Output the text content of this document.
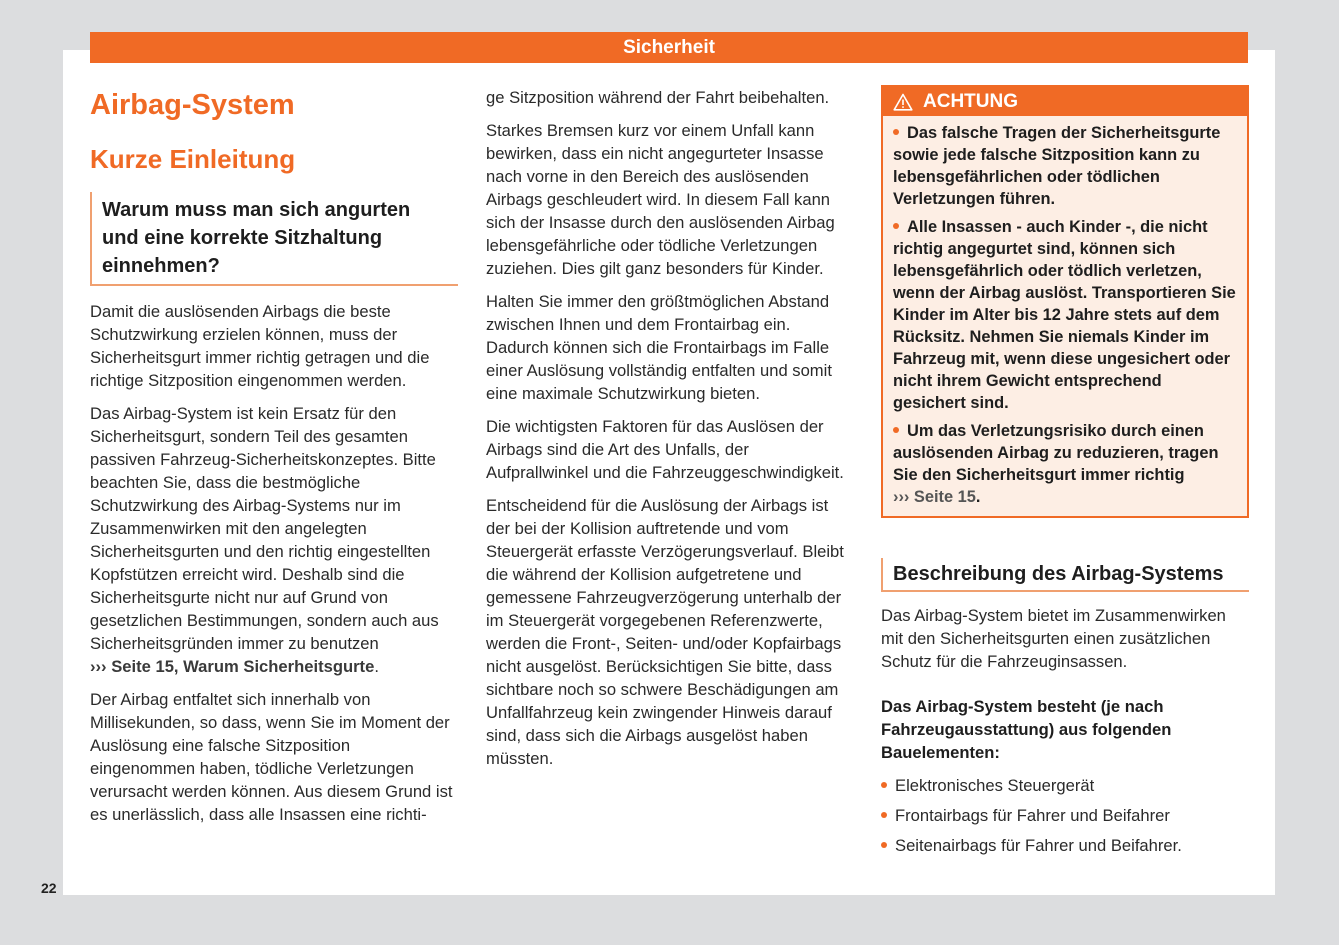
Sicherheit
Airbag-System
Kurze Einleitung
Warum muss man sich angurten und eine korrekte Sitzhaltung einnehmen?

Damit die auslösenden Airbags die beste Schutzwirkung erzielen können, muss der Sicherheitsgurt immer richtig getragen und die richtige Sitzposition eingenommen werden.

Das Airbag-System ist kein Ersatz für den Sicherheitsgurt, sondern Teil des gesamten passiven Fahrzeug-Sicherheitskonzeptes. Bitte beachten Sie, dass die bestmögliche Schutzwirkung des Airbag-Systems nur im Zusammenwirken mit den angelegten Sicherheitsgurten und den richtig eingestellten Kopfstützen erreicht wird. Deshalb sind die Sicherheitsgurte nicht nur auf Grund von gesetzlichen Bestimmungen, sondern auch aus Sicherheitsgründen immer zu benutzen
››› Seite 15, Warum Sicherheitsgurte.

Der Airbag entfaltet sich innerhalb von Millisekunden, so dass, wenn Sie im Moment der Auslösung eine falsche Sitzposition eingenommen haben, tödliche Verletzungen verursacht werden können. Aus diesem Grund ist es unerlässlich, dass alle Insassen eine richti-

ge Sitzposition während der Fahrt beibehalten.

Starkes Bremsen kurz vor einem Unfall kann bewirken, dass ein nicht angegurteter Insasse nach vorne in den Bereich des auslösenden Airbags geschleudert wird. In diesem Fall kann sich der Insasse durch den auslösenden Airbag lebensgefährliche oder tödliche Verletzungen zuziehen. Dies gilt ganz besonders für Kinder.

Halten Sie immer den größtmöglichen Abstand zwischen Ihnen und dem Frontairbag ein. Dadurch können sich die Frontairbags im Falle einer Auslösung vollständig entfalten und somit eine maximale Schutzwirkung bieten.

Die wichtigsten Faktoren für das Auslösen der Airbags sind die Art des Unfalls, der Aufprallwinkel und die Fahrzeuggeschwindigkeit.

Entscheidend für die Auslösung der Airbags ist der bei der Kollision auftretende und vom Steuergerät erfasste Verzögerungsverlauf. Bleibt die während der Kollision aufgetretene und gemessene Fahrzeugverzögerung unterhalb der im Steuergerät vorgegebenen Referenzwerte, werden die Front-, Seiten- und/oder Kopfairbags nicht ausgelöst. Berücksichtigen Sie bitte, dass sichtbare noch so schwere Beschädigungen am Unfallfahrzeug kein zwingender Hinweis darauf sind, dass sich die Airbags ausgelöst haben müssten.

ACHTUNG

Das falsche Tragen der Sicherheitsgurte sowie jede falsche Sitzposition kann zu lebensgefährlichen oder tödlichen Verletzungen führen.

Alle Insassen - auch Kinder -, die nicht richtig angegurtet sind, können sich lebensgefährlich oder tödlich verletzen, wenn der Airbag auslöst. Transportieren Sie Kinder im Alter bis 12 Jahre stets auf dem Rücksitz. Nehmen Sie niemals Kinder im Fahrzeug mit, wenn diese ungesichert oder nicht ihrem Gewicht entsprechend gesichert sind.

Um das Verletzungsrisiko durch einen auslösenden Airbag zu reduzieren, tragen Sie den Sicherheitsgurt immer richtig
››› Seite 15.

Beschreibung des Airbag-Systems

Das Airbag-System bietet im Zusammenwirken mit den Sicherheitsgurten einen zusätzlichen Schutz für die Fahrzeuginsassen.

Das Airbag-System besteht (je nach Fahrzeugausstattung) aus folgenden Bauelementen:

Elektronisches Steuergerät
Frontairbags für Fahrer und Beifahrer
Seitenairbags für Fahrer und Beifahrer.
22
